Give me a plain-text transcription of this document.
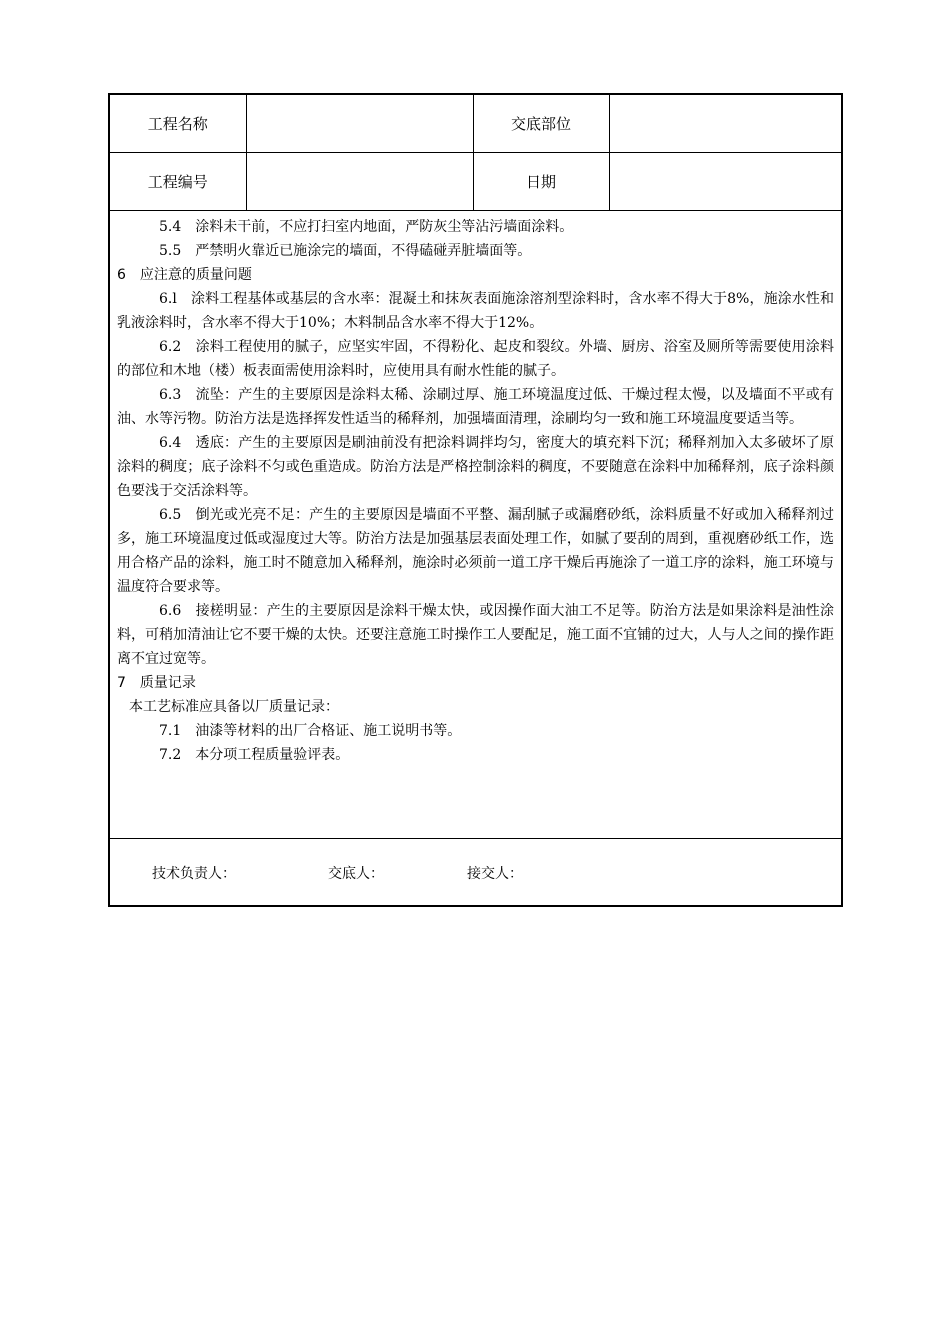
工程名称		交底部位	
工程编号		日期	

5.4　涂料未干前，不应打扫室内地面，严防灰尘等沾污墙面涂料。

5.5　严禁明火靠近已施涂完的墙面，不得磕碰弄脏墙面等。

6　应注意的质量问题

6.l　涂料工程基体或基层的含水率：混凝土和抹灰表面施涂溶剂型涂料时，含水率不得大于8%，施涂水性和乳液涂料时，含水率不得大于10%；木料制品含水率不得大于12%。

6.2　涂料工程使用的腻子，应坚实牢固，不得粉化、起皮和裂纹。外墙、厨房、浴室及厕所等需要使用涂料的部位和木地（楼）板表面需使用涂料时，应使用具有耐水性能的腻子。

6.3　流坠：产生的主要原因是涂料太稀、涂刷过厚、施工环境温度过低、干燥过程太慢，以及墙面不平或有油、水等污物。防治方法是选择挥发性适当的稀释剂，加强墙面清理，涂刷均匀一致和施工环境温度要适当等。

6.4　透底：产生的主要原因是刷油前没有把涂料调拌均匀，密度大的填充料下沉；稀释剂加入太多破坏了原涂料的稠度；底子涂料不匀或色重造成。防治方法是严格控制涂料的稠度，不要随意在涂料中加稀释剂，底子涂料颜色要浅于交活涂料等。

6.5　倒光或光亮不足：产生的主要原因是墙面不平整、漏刮腻子或漏磨砂纸，涂料质量不好或加入稀释剂过多，施工环境温度过低或湿度过大等。防治方法是加强基层表面处理工作，如腻了要刮的周到，重视磨砂纸工作，选用合格产品的涂料，施工时不随意加入稀释剂，施涂时必须前一道工序干燥后再施涂了一道工序的涂料，施工环境与温度符合要求等。

6.6　接槎明显：产生的主要原因是涂料干燥太快，或因操作面大油工不足等。防治方法是如果涂料是油性涂料，可稍加清油让它不要干燥的太快。还要注意施工时操作工人要配足，施工面不宜铺的过大，人与人之间的操作距离不宜过宽等。

7　质量记录

本工艺标准应具备以厂质量记录：

7.1　油漆等材料的出厂合格证、施工说明书等。

7.2　本分项工程质量验评表。

技术负责人：	交底人：	接交人：
